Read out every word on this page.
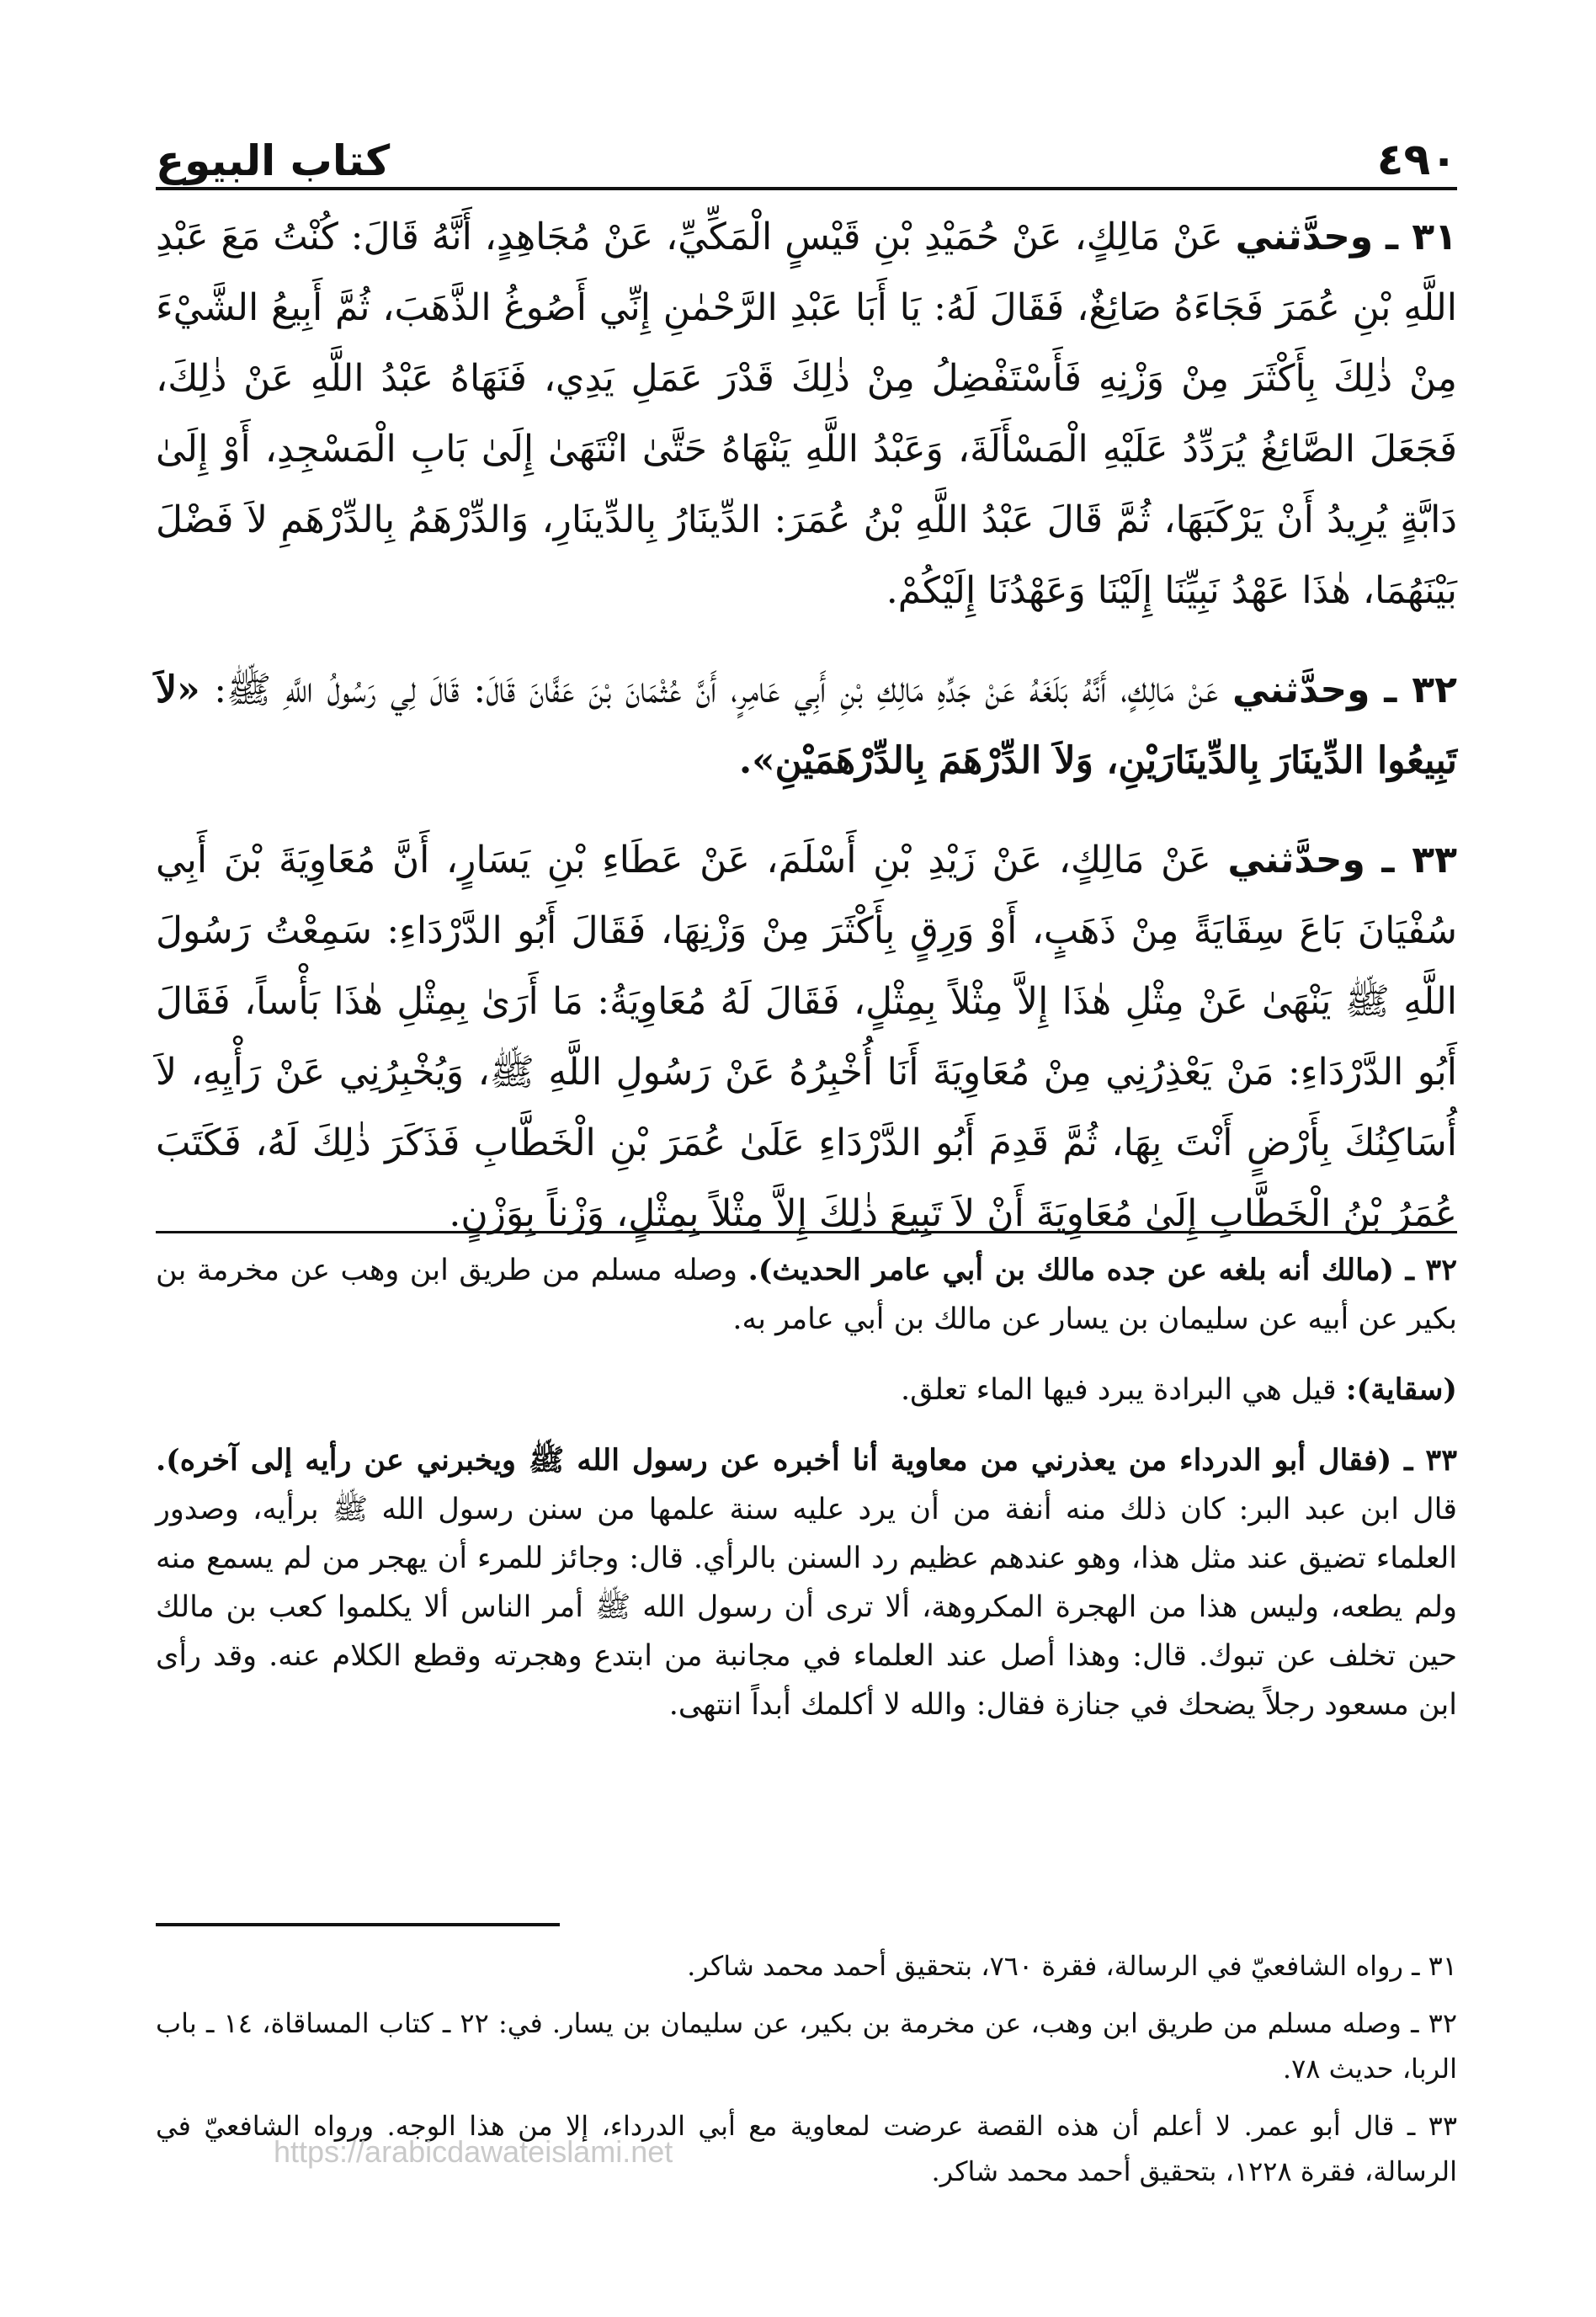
٤٩٠
كتاب البيوع

٣١ ـ وحدَّثني عَنْ مَالِكٍ، عَنْ حُمَيْدِ بْنِ قَيْسٍ الْمَكِّيِّ، عَنْ مُجَاهِدٍ، أَنَّهُ قَالَ: كُنْتُ مَعَ عَبْدِ اللَّهِ بْنِ عُمَرَ فَجَاءَهُ صَائِغٌ، فَقَالَ لَهُ: يَا أَبَا عَبْدِ الرَّحْمٰنِ إِنِّي أَصُوغُ الذَّهَبَ، ثُمَّ أَبِيعُ الشَّيْءَ مِنْ ذٰلِكَ بِأَكْثَرَ مِنْ وَزْنِهِ فَأَسْتَفْضِلُ مِنْ ذٰلِكَ قَدْرَ عَمَلِ يَدِي، فَنَهَاهُ عَبْدُ اللَّهِ عَنْ ذٰلِكَ، فَجَعَلَ الصَّائِغُ يُرَدِّدُ عَلَيْهِ الْمَسْأَلَةَ، وَعَبْدُ اللَّهِ يَنْهَاهُ حَتَّىٰ انْتَهَىٰ إِلَىٰ بَابِ الْمَسْجِدِ، أَوْ إِلَىٰ دَابَّةٍ يُرِيدُ أَنْ يَرْكَبَهَا، ثُمَّ قَالَ عَبْدُ اللَّهِ بْنُ عُمَرَ: الدِّينَارُ بِالدِّينَارِ، وَالدِّرْهَمُ بِالدِّرْهَمِ لاَ فَضْلَ بَيْنَهُمَا، هٰذَا عَهْدُ نَبِيِّنَا إِلَيْنَا وَعَهْدُنَا إِلَيْكُمْ.

٣٢ ـ وحدَّثني عَنْ مَالِكٍ، أَنَّهُ بَلَغَهُ عَنْ جَدِّهِ مَالِكِ بْنِ أَبِي عَامِرٍ، أَنَّ عُثْمَانَ بْنَ عَفَّانَ قَالَ: قَالَ لِي رَسُولُ اللَّهِ ﷺ: «لاَ تَبِيعُوا الدِّينَارَ بِالدِّينَارَيْنِ، وَلاَ الدِّرْهَمَ بِالدِّرْهَمَيْنِ».

٣٣ ـ وحدَّثني عَنْ مَالِكٍ، عَنْ زَيْدِ بْنِ أَسْلَمَ، عَنْ عَطَاءِ بْنِ يَسَارٍ، أَنَّ مُعَاوِيَةَ بْنَ أَبِي سُفْيَانَ بَاعَ سِقَايَةً مِنْ ذَهَبٍ، أَوْ وَرِقٍ بِأَكْثَرَ مِنْ وَزْنِهَا، فَقَالَ أَبُو الدَّرْدَاءِ: سَمِعْتُ رَسُولَ اللَّهِ ﷺ يَنْهَىٰ عَنْ مِثْلِ هٰذَا إِلاَّ مِثْلاً بِمِثْلٍ، فَقَالَ لَهُ مُعَاوِيَةُ: مَا أَرَىٰ بِمِثْلِ هٰذَا بَأْساً، فَقَالَ أَبُو الدَّرْدَاءِ: مَنْ يَعْذِرُنِي مِنْ مُعَاوِيَةَ أَنَا أُخْبِرُهُ عَنْ رَسُولِ اللَّهِ ﷺ، وَيُخْبِرُنِي عَنْ رَأْيِهِ، لاَ أُسَاكِنُكَ بِأَرْضٍ أَنْتَ بِهَا، ثُمَّ قَدِمَ أَبُو الدَّرْدَاءِ عَلَىٰ عُمَرَ بْنِ الْخَطَّابِ فَذَكَرَ ذٰلِكَ لَهُ، فَكَتَبَ عُمَرُ بْنُ الْخَطَّابِ إِلَىٰ مُعَاوِيَةَ أَنْ لاَ تَبِيعَ ذٰلِكَ إِلاَّ مِثْلاً بِمِثْلٍ، وَزْناً بِوَزْنٍ.

٣٢ ـ (مالك أنه بلغه عن جده مالك بن أبي عامر الحديث). وصله مسلم من طريق ابن وهب عن مخرمة بن بكير عن أبيه عن سليمان بن يسار عن مالك بن أبي عامر به.

(سقاية): قيل هي البرادة يبرد فيها الماء تعلق.

٣٣ ـ (فقال أبو الدرداء من يعذرني من معاوية أنا أخبره عن رسول الله ﷺ ويخبرني عن رأيه إلى آخره). قال ابن عبد البر: كان ذلك منه أنفة من أن يرد عليه سنة علمها من سنن رسول الله ﷺ برأيه، وصدور العلماء تضيق عند مثل هذا، وهو عندهم عظيم رد السنن بالرأي. قال: وجائز للمرء أن يهجر من لم يسمع منه ولم يطعه، وليس هذا من الهجرة المكروهة، ألا ترى أن رسول الله ﷺ أمر الناس ألا يكلموا كعب بن مالك حين تخلف عن تبوك. قال: وهذا أصل عند العلماء في مجانبة من ابتدع وهجرته وقطع الكلام عنه. وقد رأى ابن مسعود رجلاً يضحك في جنازة فقال: والله لا أكلمك أبداً انتهى.

٣١ ـ رواه الشافعيّ في الرسالة، فقرة ٧٦٠، بتحقيق أحمد محمد شاكر.

٣٢ ـ وصله مسلم من طريق ابن وهب، عن مخرمة بن بكير، عن سليمان بن يسار. في: ٢٢ ـ كتاب المساقاة، ١٤ ـ باب الربا، حديث ٧٨.

٣٣ ـ قال أبو عمر. لا أعلم أن هذه القصة عرضت لمعاوية مع أبي الدرداء، إلا من هذا الوجه. ورواه الشافعيّ في الرسالة، فقرة ١٢٢٨، بتحقيق أحمد محمد شاكر.

https://arabicdawateislami.net
